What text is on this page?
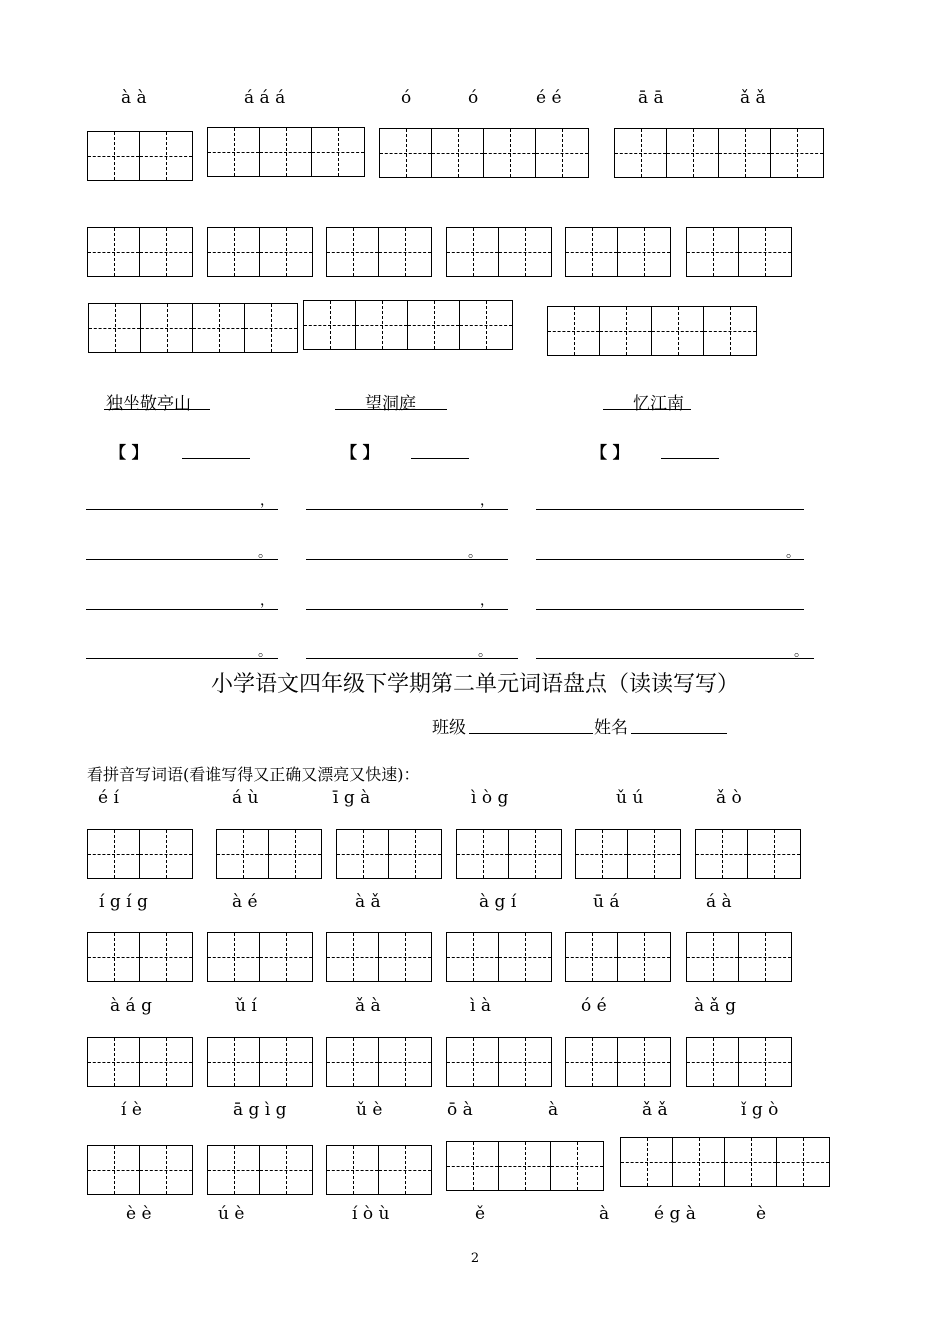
à à	á á á	ó	ó	é é	ā ā	ǎ ǎ
独坐敬亭山	望洞庭	忆江南
【 】	【 】	【 】
，	，
。	。	。
，	，
。	。	。
小学语文四年级下学期第二单元词语盘点（读读写写）
班级	姓名
看拼音写词语(看谁写得又正确又漂亮又快速)：
é í	á ù	ī g à	ì ò g	ǔ ú	ǎ ò
í g í g	à é	à ǎ	à g í	ū á	á à
à á g	ǔ í	ǎ à	ì à	ó é	à ǎ g
í è	ā g ì g	ǔ è	ō à	à	ǎ ǎ	ǐ g ò
è è	ú è	í ò ù	ě	à	é g à	è
2
